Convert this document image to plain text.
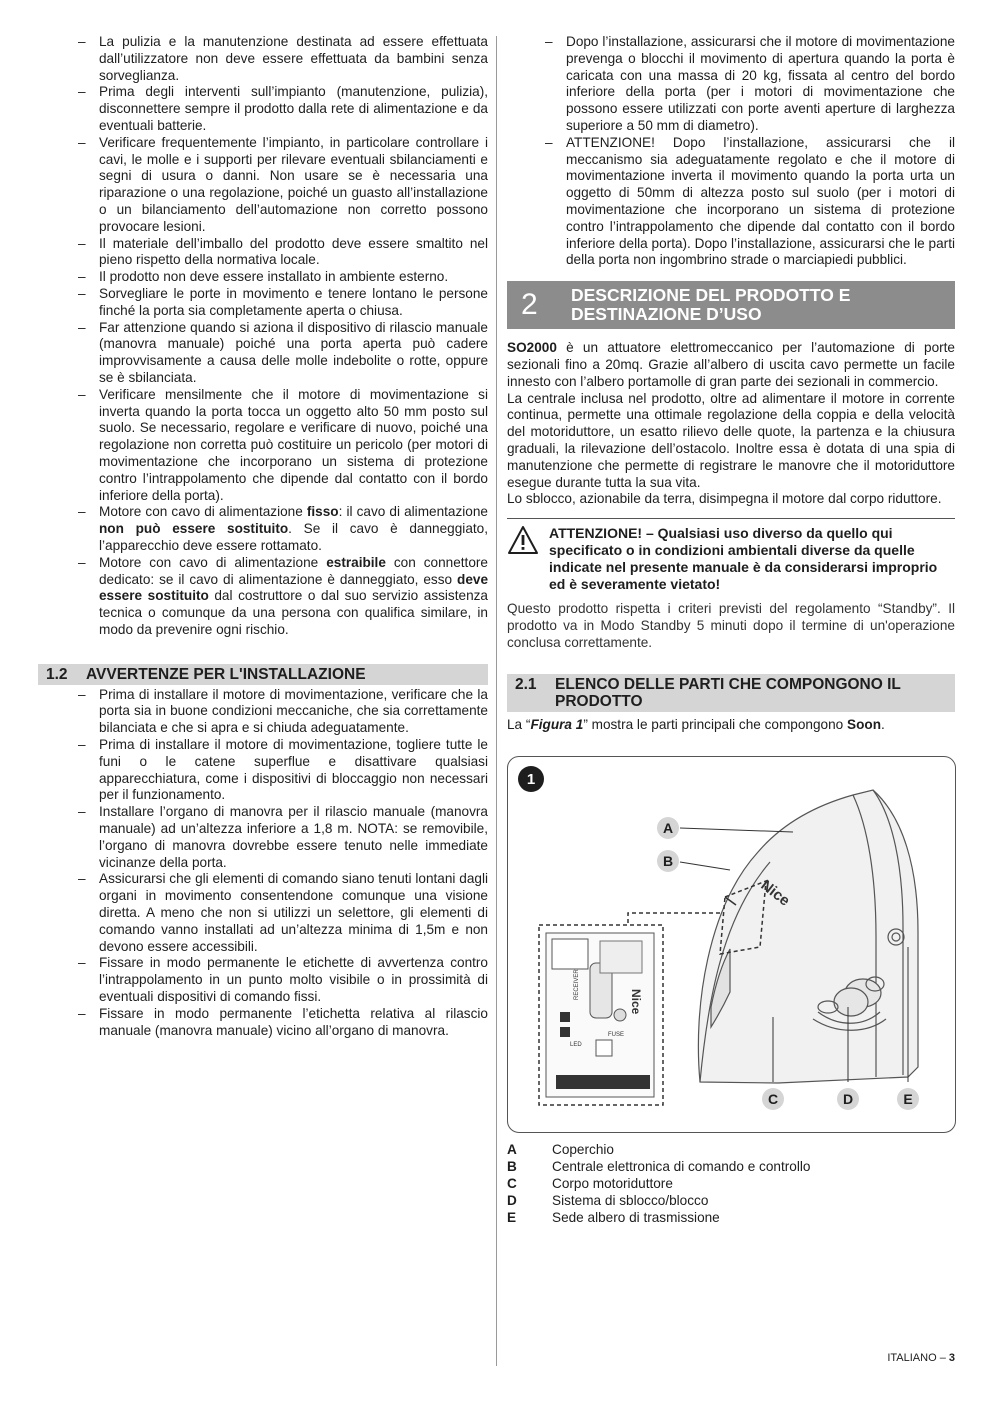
– La pulizia e la manutenzione destinata ad essere effettuata dall’utilizzatore non deve essere effettuata da bambini senza sorveglianza.
– Prima degli interventi sull’impianto (manutenzione, pulizia), disconnettere sempre il prodotto dalla rete di alimentazione e da eventuali batterie.
– Verificare frequentemente l’impianto, in particolare controllare i cavi, le molle e i supporti per rilevare eventuali sbilanciamenti e segni di usura o danni. Non usare se è necessaria una riparazione o una regolazione, poiché un guasto all’installazione o un bilanciamento dell’automazione non corretto possono provocare lesioni.
– Il materiale dell’imballo del prodotto deve essere smaltito nel pieno rispetto della normativa locale.
– Il prodotto non deve essere installato in ambiente esterno.
– Sorvegliare le porte in movimento e tenere lontano le persone finché la porta sia completamente aperta o chiusa.
– Far attenzione quando si aziona il dispositivo di rilascio manuale (manovra manuale) poiché una porta aperta può cadere improvvisamente a causa delle molle indebolite o rotte, oppure se è sbilanciata.
– Verificare mensilmente che il motore di movimentazione si inverta quando la porta tocca un oggetto alto 50 mm posto sul suolo. Se necessario, regolare e verificare di nuovo, poiché una regolazione non corretta può costituire un pericolo (per motori di movimentazione che incorporano un sistema di protezione contro l’intrappolamento che dipende dal contatto con il bordo inferiore della porta).
– Motore con cavo di alimentazione fisso: il cavo di alimentazione non può essere sostituito. Se il cavo è danneggiato, l’apparecchio deve essere rottamato.
– Motore con cavo di alimentazione estraibile con connettore dedicato: se il cavo di alimentazione è danneggiato, esso deve essere sostituito dal costruttore o dal suo servizio assistenza tecnica o comunque da una persona con qualifica similare, in modo da prevenire ogni rischio.
1.2	AVVERTENZE PER L'INSTALLAZIONE
– Prima di installare il motore di movimentazione, verificare che la porta sia in buone condizioni meccaniche, che sia correttamente bilanciata e che si apra e si chiuda adeguatamente.
– Prima di installare il motore di movimentazione, togliere tutte le funi o le catene superflue e disattivare qualsiasi apparecchiatura, come i dispositivi di bloccaggio non necessari per il funzionamento.
– Installare l’organo di manovra per il rilascio manuale (manovra manuale) ad un’altezza inferiore a 1,8 m. NOTA: se removibile, l’organo di manovra dovrebbe essere tenuto nelle immediate vicinanze della porta.
– Assicurarsi che gli elementi di comando siano tenuti lontani dagli organi in movimento consentendone comunque una visione diretta. A meno che non si utilizzi un selettore, gli elementi di comando vanno installati ad un’altezza minima di 1,5m e non devono essere accessibili.
– Fissare in modo permanente le etichette di avvertenza contro l’intrappolamento in un punto molto visibile o in prossimità di eventuali dispositivi di comando fissi.
– Fissare in modo permanente l’etichetta relativa al rilascio manuale (manovra manuale) vicino all’organo di manovra.
– Dopo l’installazione, assicurarsi che il motore di movimentazione prevenga o blocchi il movimento di apertura quando la porta è caricata con una massa di 20 kg, fissata al centro del bordo inferiore della porta (per i motori di movimentazione che possono essere utilizzati con porte aventi aperture di larghezza superiore a 50 mm di diametro).
– ATTENZIONE! Dopo l’installazione, assicurarsi che il meccanismo sia adeguatamente regolato e che il motore di movimentazione inverta il movimento quando la porta urta un oggetto di 50mm di altezza posto sul suolo (per i motori di movimentazione che incorporano un sistema di protezione contro l’intrappolamento che dipende dal contatto con il bordo inferiore della porta). Dopo l’installazione, assicurarsi che le parti della porta non ingombrino strade o marciapiedi pubblici.
2 DESCRIZIONE DEL PRODOTTO E
DESTINAZIONE D’USO

SO2000 è un attuatore elettromeccanico per l’automazione di porte sezionali fino a 20mq. Grazie all’albero di uscita cavo permette un facile innesto con l’albero portamolle di gran parte dei sezionali in commercio.

La centrale inclusa nel prodotto, oltre ad alimentare il motore in corrente continua, permette una ottimale regolazione della coppia e della velocità del motoriduttore, un esatto rilievo delle quote, la partenza e la chiusura graduali, la rilevazione dell’ostacolo. Inoltre essa è dotata di una spia di manutenzione che permette di registrare le manovre che il motoriduttore esegue durante tutta la sua vita.

Lo sblocco, azionabile da terra, disimpegna il motore dal corpo riduttore.

ATTENZIONE! – Qualsiasi uso diverso da quello qui specificato o in condizioni ambientali diverse da quelle indicate nel presente manuale è da considerarsi improprio ed è severamente vietato!

Questo prodotto rispetta i criteri previsti del regolamento “Standby”. Il prodotto va in Modo Standby 5 minuti dopo il termine di un'operazione conclusa correttamente.

2.1	ELENCO DELLE PARTI CHE COMPONGONO IL PRODOTTO

La “Figura 1” mostra le parti principali che compongono Soon.

1
Nice
RECEIVER
FUSE
LED
Nice
A
B
C	D	E
A	Coperchio
B	Centrale elettronica di comando e controllo
C	Corpo motoriduttore
D	Sistema di sblocco/blocco
E	Sede albero di trasmissione
ITALIANO – 3
